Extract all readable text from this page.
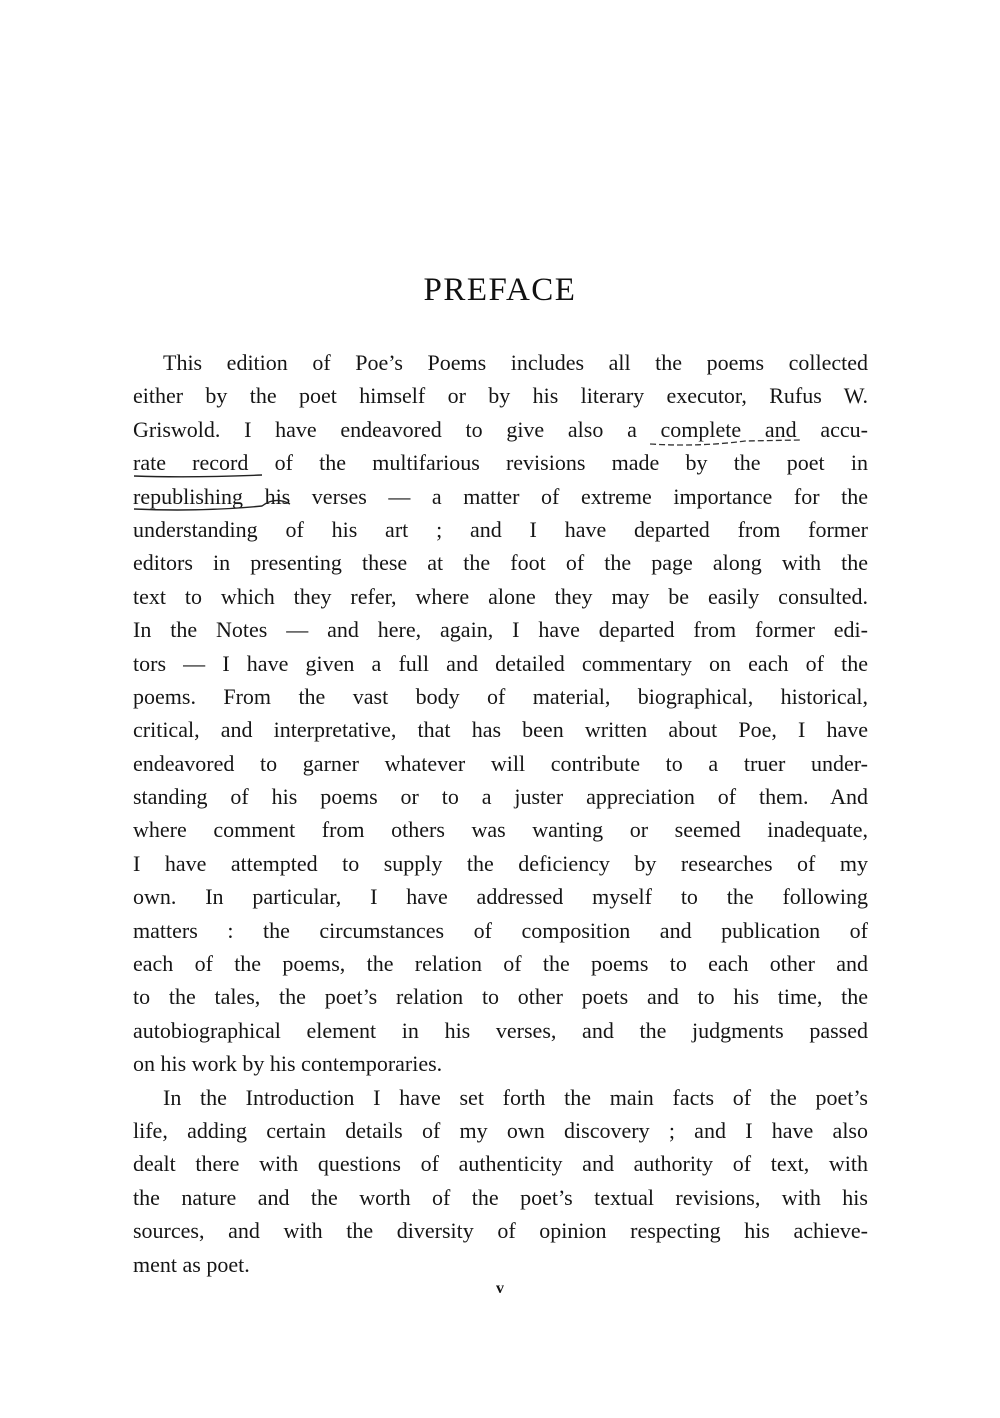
PREFACE
This edition of Poe’s Poems includes all the poems collected
either by the poet himself or by his literary executor, Rufus W.
Griswold. I have endeavored to give also a complete and accu-
rate record of the multifarious revisions made by the poet in
republishing his verses — a matter of extreme importance for the
understanding of his art ; and I have departed from former
editors in presenting these at the foot of the page along with the
text to which they refer, where alone they may be easily consulted.
In the Notes — and here, again, I have departed from former edi-
tors — I have given a full and detailed commentary on each of the
poems. From the vast body of material, biographical, historical,
critical, and interpretative, that has been written about Poe, I have
endeavored to garner whatever will contribute to a truer under-
standing of his poems or to a juster appreciation of them. And
where comment from others was wanting or seemed inadequate,
I have attempted to supply the deficiency by researches of my
own. In particular, I have addressed myself to the following
matters : the circumstances of composition and publication of
each of the poems, the relation of the poems to each other and
to the tales, the poet’s relation to other poets and to his time, the
autobiographical element in his verses, and the judgments passed
on his work by his contemporaries.
In the Introduction I have set forth the main facts of the poet’s
life, adding certain details of my own discovery ; and I have also
dealt there with questions of authenticity and authority of text, with
the nature and the worth of the poet’s textual revisions, with his
sources, and with the diversity of opinion respecting his achieve-
ment as poet.
v
